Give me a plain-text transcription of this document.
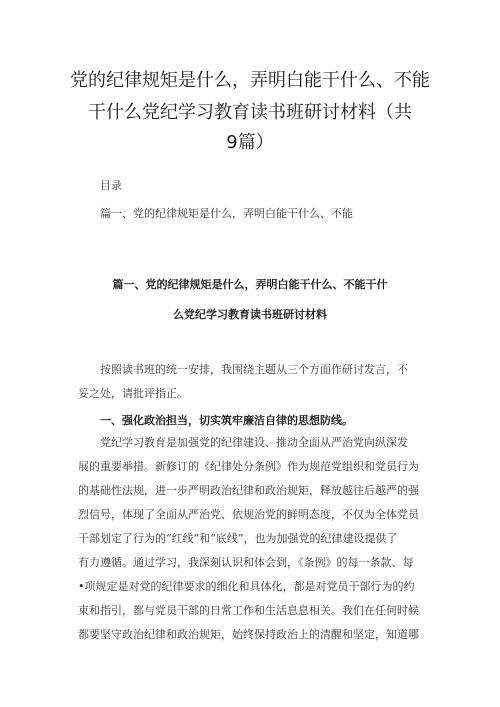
党的纪律规矩是什么，弄明白能干什么、不能
干什么党纪学习教育读书班研讨材料（共
9篇）
目录
篇一、党的纪律规矩是什么，弄明白能干什么、不能
篇一、党的纪律规矩是什么，弄明白能干什么、不能干什
么党纪学习教育读书班研讨材料
按照读书班的统一安排，我围绕主题从三个方面作研讨发言，不
妥之处，请批评指正。
一、强化政治担当，切实筑牢廉洁自律的思想防线。
党纪学习教育是加强党的纪律建设、推动全面从严治党向纵深发
展的重要举措。新修订的《纪律处分条例》作为规范党组织和党员行为
的基础性法规，进一步严明政治纪律和政治规矩，释放越往后越严的强
烈信号，体现了全面从严治党、依规治党的鲜明态度，不仅为全体党员
干部划定了行为的“红线”和“底线”，也为加强党的纪律建设提供了
有力遵循。通过学习，我深刻认识和体会到，《条例》的每一条款、每
•项规定是对党的纪律要求的细化和具体化，都是对党员干部行为的约
束和指引，都与党员干部的日常工作和生活息息相关。我们在任何时候
都要坚守政治纪律和政治规矩，始终保持政治上的清醒和坚定，知道哪
